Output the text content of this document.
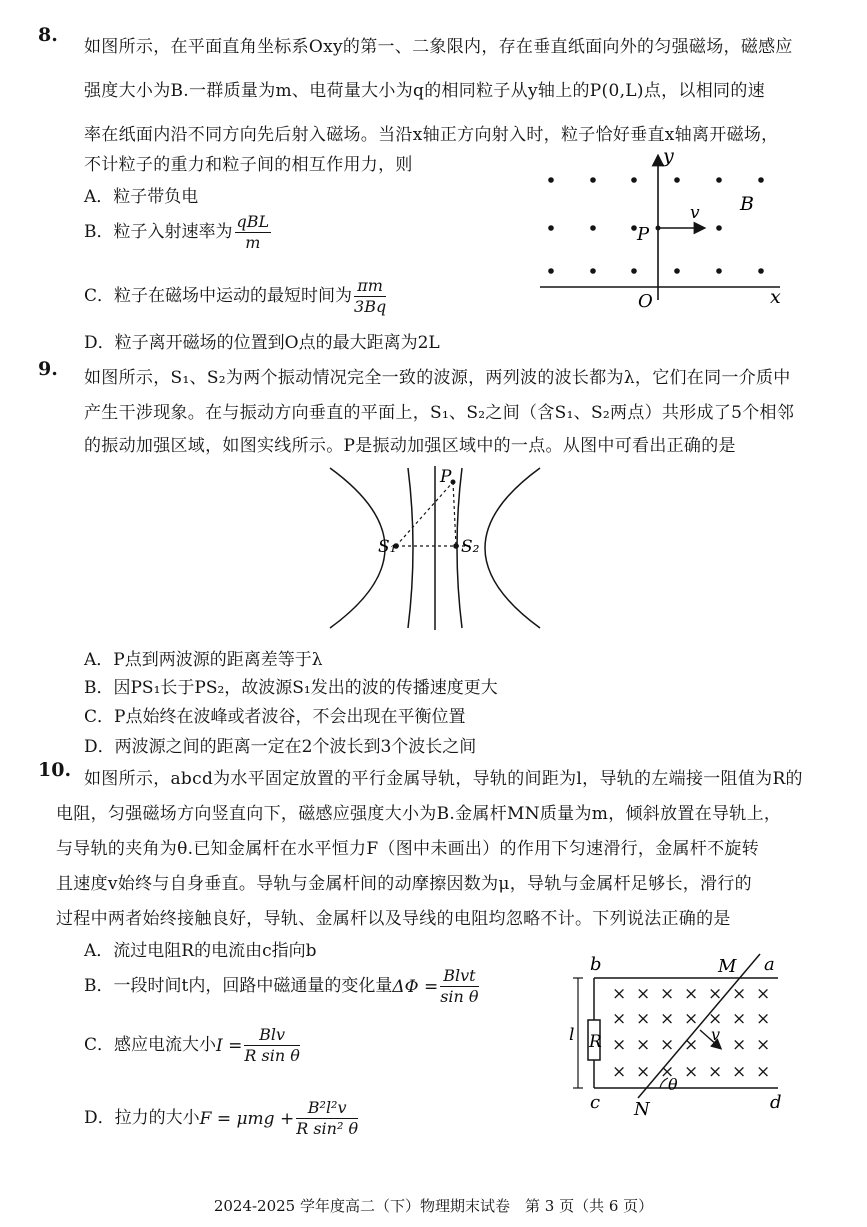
8.
如图所示，在平面直角坐标系Oxy的第一、二象限内，存在垂直纸面向外的匀强磁场，磁感应
强度大小为B.一群质量为m、电荷量大小为q的相同粒子从y轴上的P(0,L)点，以相同的速
率在纸面内沿不同方向先后射入磁场。当沿x轴正方向射入时，粒子恰好垂直x轴离开磁场，
不计粒子的重力和粒子间的相互作用力，则
A．粒子带负电
B．粒子入射速率为 $\frac{\text{qBL}}{m}$
C．粒子在磁场中运动的最短时间为 $\frac{\pi m}{3Bq}$
D．粒子离开磁场的位置到O点的最大距离为2L
y
x
O
P
v B
9. 如图所示，S₁、S₂为两个振动情况完全一致的波源，两列波的波长都为λ，它们在同一介质中
产生干涉现象。在与振动方向垂直的平面上，S₁、S₂之间（含S₁、S₂两点）共形成了5个相邻
的振动加强区域，如图实线所示。P是振动加强区域中的一点。从图中可看出正确的是
P
S₁	S₂
A．P点到两波源的距离差等于λ
B．因PS₁长于PS₂，故波源S₁发出的波的传播速度更大
C．P点始终在波峰或者波谷，不会出现在平衡位置
D．两波源之间的距离一定在2个波长到3个波长之间
10. 如图所示，abcd为水平固定放置的平行金属导轨，导轨的间距为l，导轨的左端接一阻值为R的
电阻，匀强磁场方向竖直向下，磁感应强度大小为B.金属杆MN质量为m，倾斜放置在导轨上，
与导轨的夹角为θ.已知金属杆在水平恒力F（图中未画出）的作用下匀速滑行，金属杆不旋转
且速度v始终与自身垂直。导轨与金属杆间的动摩擦因数为μ，导轨与金属杆足够长，滑行的
过程中两者始终接触良好，导轨、金属杆以及导线的电阻均忽略不计。下列说法正确的是
A．流过电阻R的电流由c指向b
B．一段时间t内，回路中磁通量的变化量$\Delta\Phi = \frac{\text{Blvt}}{\text{sin θ}}$
C．感应电流大小$I = \frac{\text{Blv}}{\text{R sin θ}}$
D．拉力的大小$F = \mu mg + \frac{\text{B²l²v}}{\text{R sin² θ}}$
× × × × × × ×
× × × × × × ×
× × × × × ×
× × × × × × ×
b	a
c	d
M
N
R
l	v
θ
2024-2025 学年度高二（下）物理期末试卷　第 3 页（共 6 页）
